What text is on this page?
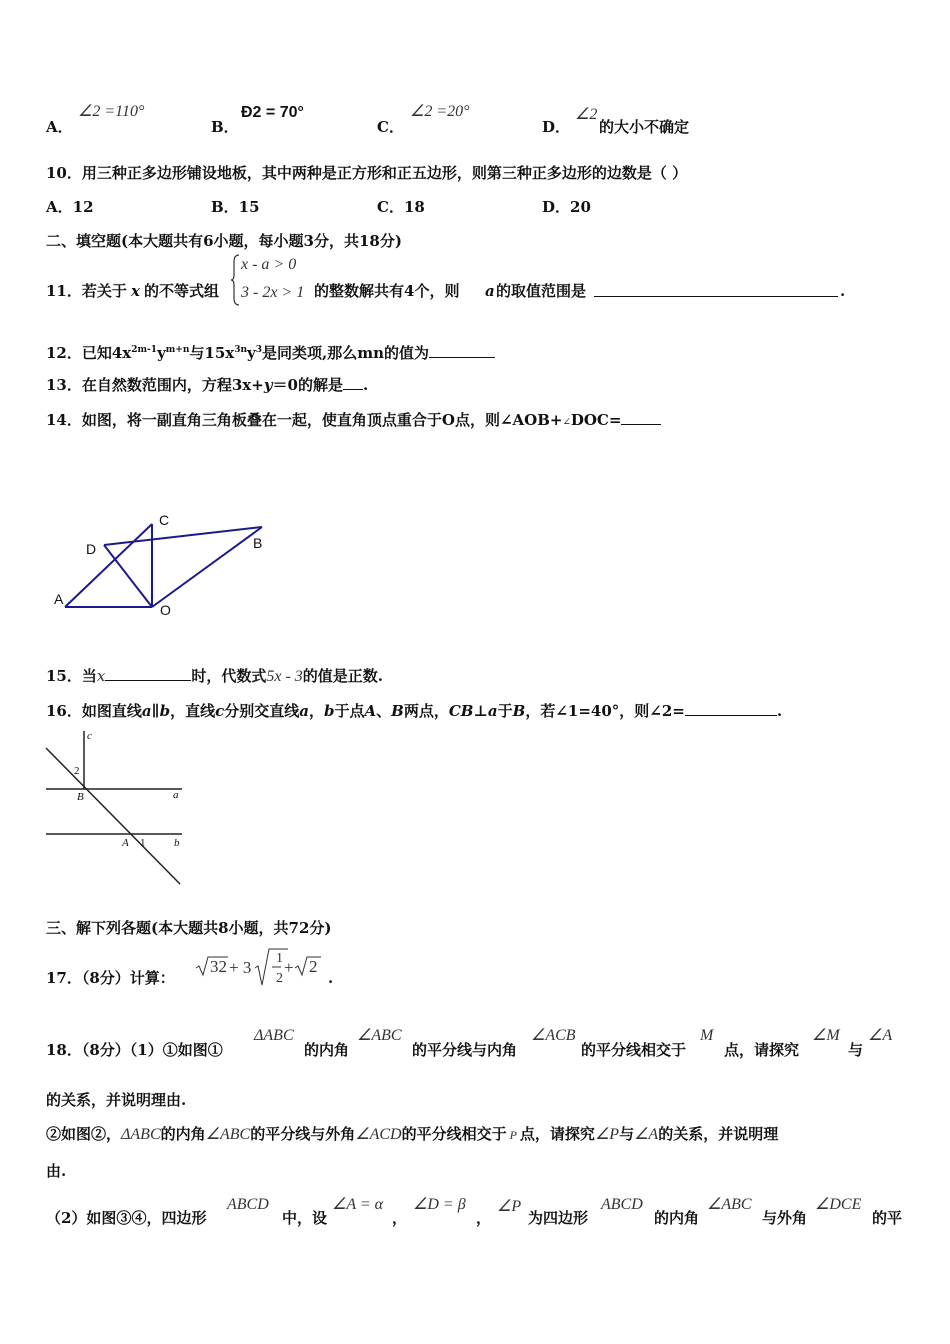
A．
∠2 =110°
B．
Ð2 = 70°
C．
∠2 =20°
D．
∠2
的大小不确定
10．用三种正多边形铺设地板，其中两种是正方形和正五边形，则第三种正多边形的边数是（ ）
A．12	B．15	C．18	D．20
二、填空题(本大题共有6小题，每小题3分，共18分)
11．若关于 x 的不等式组
x - a > 0
3 - 2x > 1 的整数解共有4个，则 a 的取值范围是	.
12．已知$4x^{2m-1}y^{m+n}$与$15x^{3n}y^3$是同类项,那么mn的值为
13．在自然数范围内，方程3x+y＝0的解是 .
14．如图，将一副直角三角板叠在一起，使直角顶点重合于O点，则∠AOB+∠DOC=
A
B
C
D
O
15．当x	时，代数式5x - 3的值是正数.
16．如图直线a∥b，直线c分别交直线a，b于点A、B两点，CB⊥a于B，若∠1=40°，则∠2=	.
c
2
B	a
A 1	b
三、解下列各题(本大题共8小题，共72分)
17．（8分）计算：
32 + 3 1
2
+ 2
.
18．（8分）（1）①如图①
ΔABC
的内角
∠ABC
的平分线与内角
∠ACB
的平分线相交于
M
点，请探究
∠M
与
∠A
的关系，并说明理由.
②如图②，ΔABC的内角∠ABC的平分线与外角∠ACD的平分线相交于 P 点，请探究∠P与∠A的关系，并说明理
由.
（2）如图③④，四边形
ABCD
中，设
∠A = α
，
∠D = β
，
∠P
为四边形
ABCD
的内角
∠ABC
与外角
∠DCE
的平
